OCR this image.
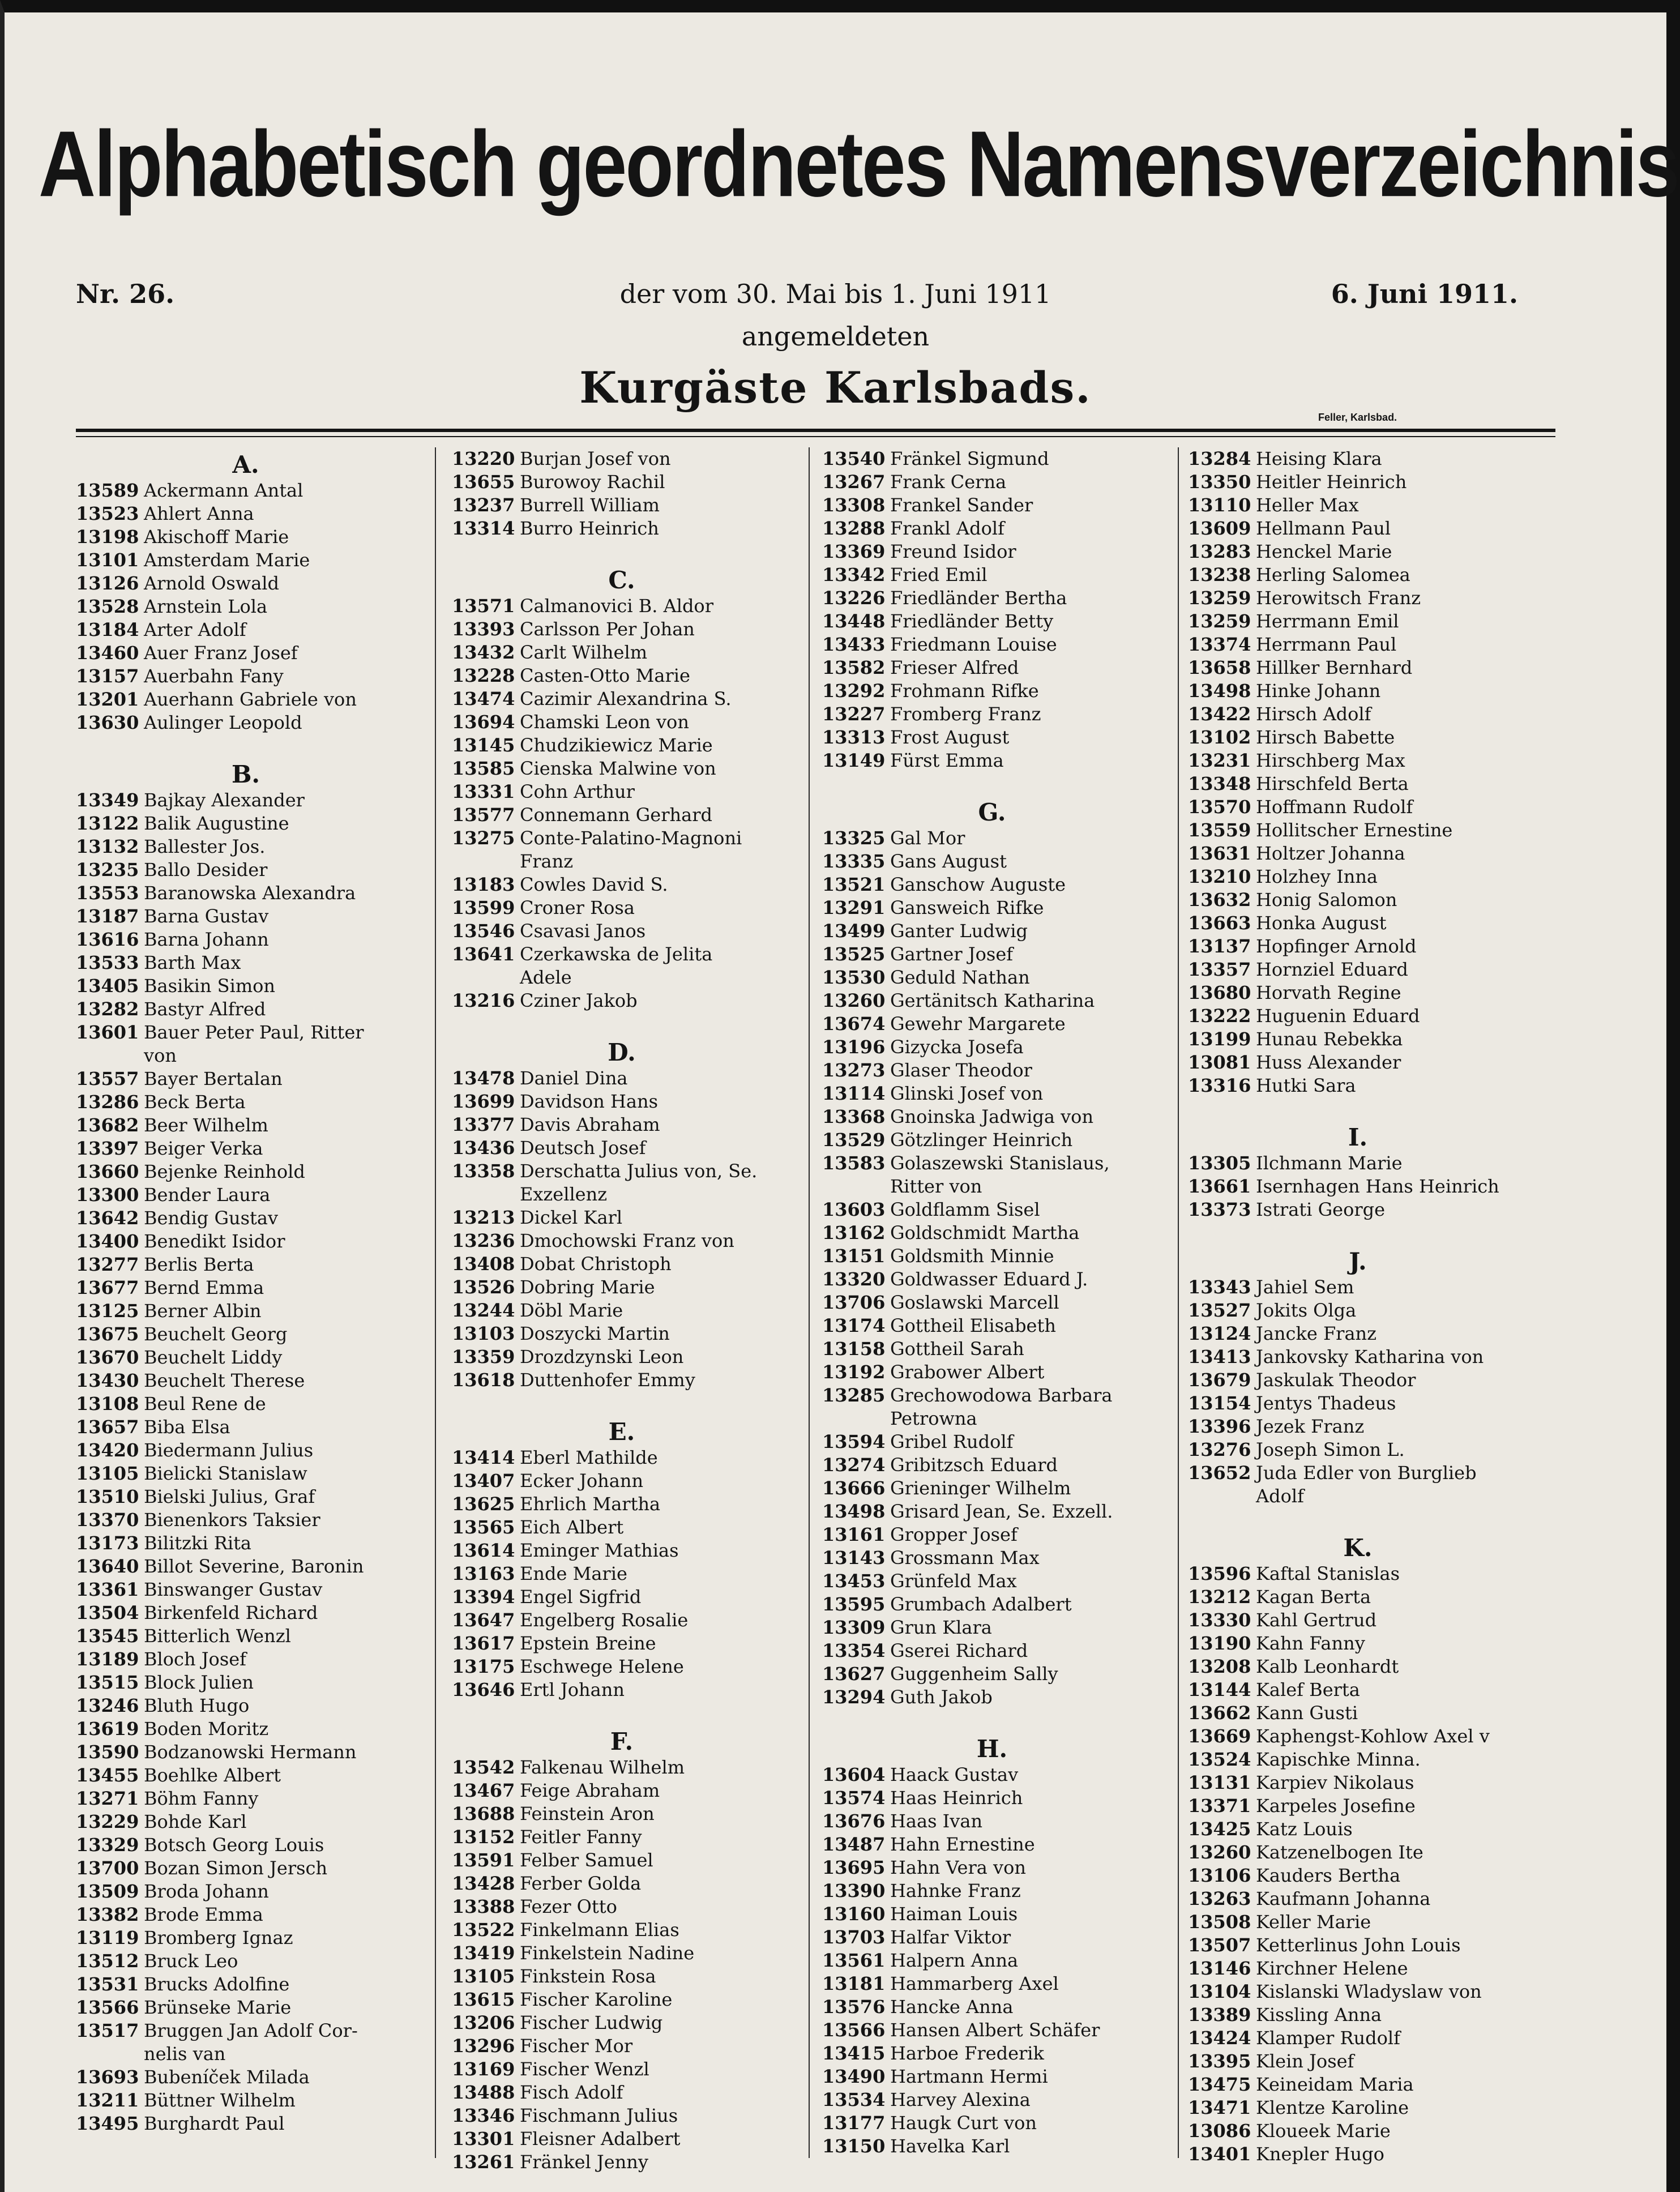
Alphabetisch geordnetes Namensverzeichnis
Nr. 26.	der vom 30. Mai bis 1. Juni 1911	6. Juni 1911.
angemeldeten
Kurgäste Karlsbads.
Feller, Karlsbad.
A.
13589 Ackermann Antal
13523 Ahlert Anna
13198 Akischoff Marie
13101 Amsterdam Marie
13126 Arnold Oswald
13528 Arnstein Lola
13184 Arter Adolf
13460 Auer Franz Josef
13157 Auerbahn Fany
13201 Auerhann Gabriele von
13630 Aulinger Leopold
B.
13349 Bajkay Alexander
13122 Balik Augustine
13132 Ballester Jos.
13235 Ballo Desider
13553 Baranowska Alexandra
13187 Barna Gustav
13616 Barna Johann
13533 Barth Max
13405 Basikin Simon
13282 Bastyr Alfred
13601 Bauer Peter Paul, Ritter
von
13557 Bayer Bertalan
13286 Beck Berta
13682 Beer Wilhelm
13397 Beiger Verka
13660 Bejenke Reinhold
13300 Bender Laura
13642 Bendig Gustav
13400 Benedikt Isidor
13277 Berlis Berta
13677 Bernd Emma
13125 Berner Albin
13675 Beuchelt Georg
13670 Beuchelt Liddy
13430 Beuchelt Therese
13108 Beul Rene de
13657 Biba Elsa
13420 Biedermann Julius
13105 Bielicki Stanislaw
13510 Bielski Julius, Graf
13370 Bienenkors Taksier
13173 Bilitzki Rita
13640 Billot Severine, Baronin
13361 Binswanger Gustav
13504 Birkenfeld Richard
13545 Bitterlich Wenzl
13189 Bloch Josef
13515 Block Julien
13246 Bluth Hugo
13619 Boden Moritz
13590 Bodzanowski Hermann
13455 Boehlke Albert
13271 Böhm Fanny
13229 Bohde Karl
13329 Botsch Georg Louis
13700 Bozan Simon Jersch
13509 Broda Johann
13382 Brode Emma
13119 Bromberg Ignaz
13512 Bruck Leo
13531 Brucks Adolfine
13566 Brünseke Marie
13517 Bruggen Jan Adolf Cor-
nelis van
13693 Bubeníček Milada
13211 Büttner Wilhelm
13495 Burghardt Paul
13220 Burjan Josef von
13655 Burowoy Rachil
13237 Burrell William
13314 Burro Heinrich
C.
13571 Calmanovici B. Aldor
13393 Carlsson Per Johan
13432 Carlt Wilhelm
13228 Casten-Otto Marie
13474 Cazimir Alexandrina S.
13694 Chamski Leon von
13145 Chudzikiewicz Marie
13585 Cienska Malwine von
13331 Cohn Arthur
13577 Connemann Gerhard
13275 Conte-Palatino-Magnoni
Franz
13183 Cowles David S.
13599 Croner Rosa
13546 Csavasi Janos
13641 Czerkawska de Jelita
Adele
13216 Cziner Jakob
D.
13478 Daniel Dina
13699 Davidson Hans
13377 Davis Abraham
13436 Deutsch Josef
13358 Derschatta Julius von, Se.
Exzellenz
13213 Dickel Karl
13236 Dmochowski Franz von
13408 Dobat Christoph
13526 Dobring Marie
13244 Döbl Marie
13103 Doszycki Martin
13359 Drozdzynski Leon
13618 Duttenhofer Emmy
E.
13414 Eberl Mathilde
13407 Ecker Johann
13625 Ehrlich Martha
13565 Eich Albert
13614 Eminger Mathias
13163 Ende Marie
13394 Engel Sigfrid
13647 Engelberg Rosalie
13617 Epstein Breine
13175 Eschwege Helene
13646 Ertl Johann
F.
13542 Falkenau Wilhelm
13467 Feige Abraham
13688 Feinstein Aron
13152 Feitler Fanny
13591 Felber Samuel
13428 Ferber Golda
13388 Fezer Otto
13522 Finkelmann Elias
13419 Finkelstein Nadine
13105 Finkstein Rosa
13615 Fischer Karoline
13206 Fischer Ludwig
13296 Fischer Mor
13169 Fischer Wenzl
13488 Fisch Adolf
13346 Fischmann Julius
13301 Fleisner Adalbert
13261 Fränkel Jenny
13540 Fränkel Sigmund
13267 Frank Cerna
13308 Frankel Sander
13288 Frankl Adolf
13369 Freund Isidor
13342 Fried Emil
13226 Friedländer Bertha
13448 Friedländer Betty
13433 Friedmann Louise
13582 Frieser Alfred
13292 Frohmann Rifke
13227 Fromberg Franz
13313 Frost August
13149 Fürst Emma
G.
13325 Gal Mor
13335 Gans August
13521 Ganschow Auguste
13291 Gansweich Rifke
13499 Ganter Ludwig
13525 Gartner Josef
13530 Geduld Nathan
13260 Gertänitsch Katharina
13674 Gewehr Margarete
13196 Gizycka Josefa
13273 Glaser Theodor
13114 Glinski Josef von
13368 Gnoinska Jadwiga von
13529 Götzlinger Heinrich
13583 Golaszewski Stanislaus,
Ritter von
13603 Goldflamm Sisel
13162 Goldschmidt Martha
13151 Goldsmith Minnie
13320 Goldwasser Eduard J.
13706 Goslawski Marcell
13174 Gottheil Elisabeth
13158 Gottheil Sarah
13192 Grabower Albert
13285 Grechowodowa Barbara
Petrowna
13594 Gribel Rudolf
13274 Gribitzsch Eduard
13666 Grieninger Wilhelm
13498 Grisard Jean, Se. Exzell.
13161 Gropper Josef
13143 Grossmann Max
13453 Grünfeld Max
13595 Grumbach Adalbert
13309 Grun Klara
13354 Gserei Richard
13627 Guggenheim Sally
13294 Guth Jakob
H.
13604 Haack Gustav
13574 Haas Heinrich
13676 Haas Ivan
13487 Hahn Ernestine
13695 Hahn Vera von
13390 Hahnke Franz
13160 Haiman Louis
13703 Halfar Viktor
13561 Halpern Anna
13181 Hammarberg Axel
13576 Hancke Anna
13566 Hansen Albert Schäfer
13415 Harboe Frederik
13490 Hartmann Hermi
13534 Harvey Alexina
13177 Haugk Curt von
13150 Havelka Karl
13284 Heising Klara
13350 Heitler Heinrich
13110 Heller Max
13609 Hellmann Paul
13283 Henckel Marie
13238 Herling Salomea
13259 Herowitsch Franz
13259 Herrmann Emil
13374 Herrmann Paul
13658 Hillker Bernhard
13498 Hinke Johann
13422 Hirsch Adolf
13102 Hirsch Babette
13231 Hirschberg Max
13348 Hirschfeld Berta
13570 Hoffmann Rudolf
13559 Hollitscher Ernestine
13631 Holtzer Johanna
13210 Holzhey Inna
13632 Honig Salomon
13663 Honka August
13137 Hopfinger Arnold
13357 Hornziel Eduard
13680 Horvath Regine
13222 Huguenin Eduard
13199 Hunau Rebekka
13081 Huss Alexander
13316 Hutki Sara
I.
13305 Ilchmann Marie
13661 Isernhagen Hans Heinrich
13373 Istrati George
J.
13343 Jahiel Sem
13527 Jokits Olga
13124 Jancke Franz
13413 Jankovsky Katharina von
13679 Jaskulak Theodor
13154 Jentys Thadeus
13396 Jezek Franz
13276 Joseph Simon L.
13652 Juda Edler von Burglieb
Adolf
K.
13596 Kaftal Stanislas
13212 Kagan Berta
13330 Kahl Gertrud
13190 Kahn Fanny
13208 Kalb Leonhardt
13144 Kalef Berta
13662 Kann Gusti
13669 Kaphengst-Kohlow Axel v
13524 Kapischke Minna.
13131 Karpiev Nikolaus
13371 Karpeles Josefine
13425 Katz Louis
13260 Katzenelbogen Ite
13106 Kauders Bertha
13263 Kaufmann Johanna
13508 Keller Marie
13507 Ketterlinus John Louis
13146 Kirchner Helene
13104 Kislanski Wladyslaw von
13389 Kissling Anna
13424 Klamper Rudolf
13395 Klein Josef
13475 Keineidam Maria
13471 Klentze Karoline
13086 Kloueek Marie
13401 Knepler Hugo
